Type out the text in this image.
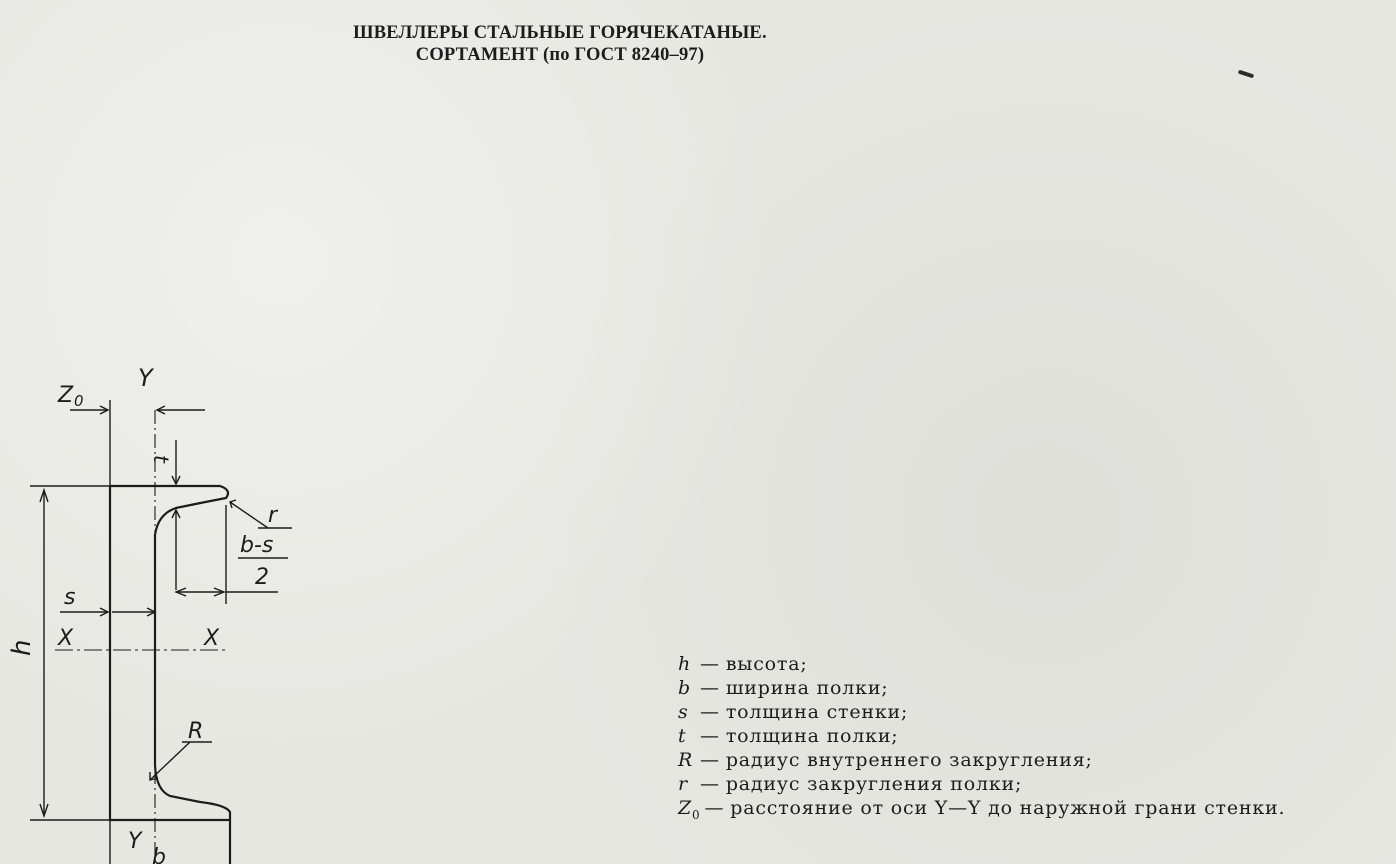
ШВЕЛЛЕРЫ СТАЛЬНЫЕ ГОРЯЧЕКАТАНЫЕ.
СОРТАМЕНТ (по ГОСТ 8240–97)
Z 0
Y
t
r
b-s
2
s
X	X
h
R
Y
b
h — высота;
b — ширина полки;
s — толщина стенки;
t — толщина полки;
R — радиус внутреннего закругления;
r — радиус закругления полки;
$Z_0$ — расстояние от оси Y—Y до наружной грани стенки.
